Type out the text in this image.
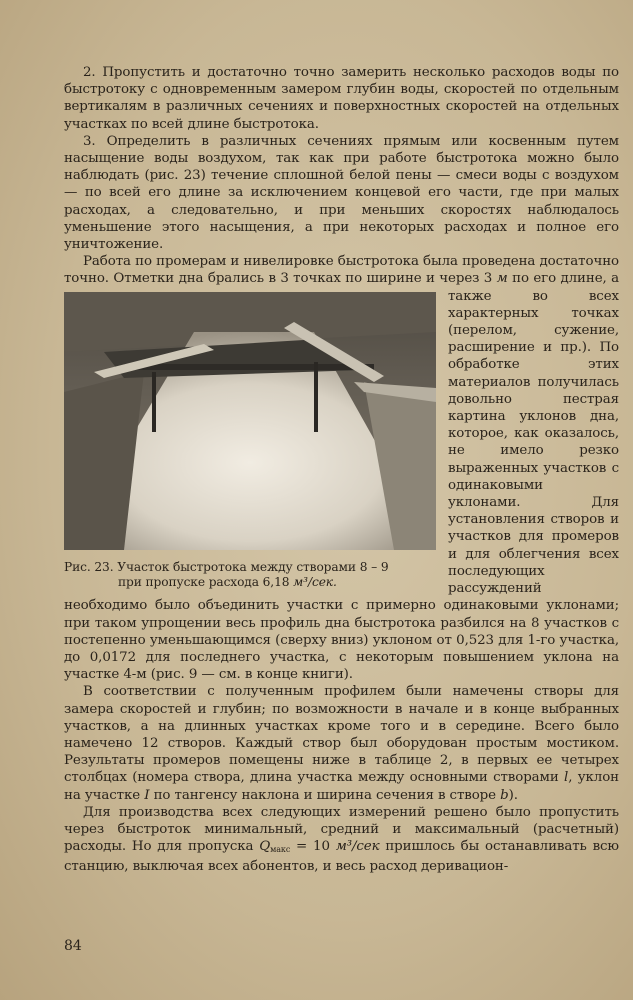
2. Пропустить и достаточно точно замерить несколько расходов воды по быстротоку с одновременным замером глубин воды, скоростей по отдельным вертикалям в различных сечениях и поверхностных скоростей на отдельных участках по всей длине быстротока.

3. Определить в различных сечениях прямым или косвенным путем насыщение воды воздухом, так как при работе быстротока можно было наблюдать (рис. 23) течение сплошной белой пены — смеси воды с воздухом — по всей его длине за исключением концевой его части, где при малых расходах, а следовательно, и при меньших скоростях наблюдалось уменьшение этого насыщения, а при некоторых расходах и полное его уничтожение.

Работа по промерам и нивелировке быстротока была проведена достаточно точно. Отметки дна брались в 3 точках по ширине и через 3 м
Рис. 23. Участок быстротока между створами 8 – 9
при пропуске расхода 6,18 м³/сек.
по его длине, а также во всех характерных точках (перелом, сужение, расширение и пр.). По обработке этих материалов получилась довольно пестрая картина уклонов дна, которое, как оказалось, не имело резко выраженных участков с одинаковыми уклонами. Для установления створов и участков для промеров и для облегчения всех последующих рассуждений необходимо было объединить участки с примерно одинаковыми уклонами; при таком упрощении весь профиль дна быстротока разбился на 8 участков с постепенно уменьшающимся (сверху вниз) уклоном от 0,523 для 1-го участка, до 0,0172 для последнего участка, с некоторым повышением уклона на участке 4-м (рис. 9 — см. в конце книги).

В соответствии с полученным профилем были намечены створы для замера скоростей и глубин; по возможности в начале и в конце выбранных участков, а на длинных участках кроме того и в середине. Всего было намечено 12 створов. Каждый створ был оборудован простым мостиком. Результаты промеров помещены ниже в таблице 2, в первых ее четырех столбцах (номера створа, длина участка между основными створами l, уклон на участке I по тангенсу наклона и ширина сечения в створе b).

Для производства всех следующих измерений решено было пропустить через быстроток минимальный, средний и максимальный (расчетный) расходы. Но для пропуска $Q_{макс} = 10$ м³/сек пришлось бы останавливать всю станцию, выключая всех абонентов, и весь расход деривацион-

84
